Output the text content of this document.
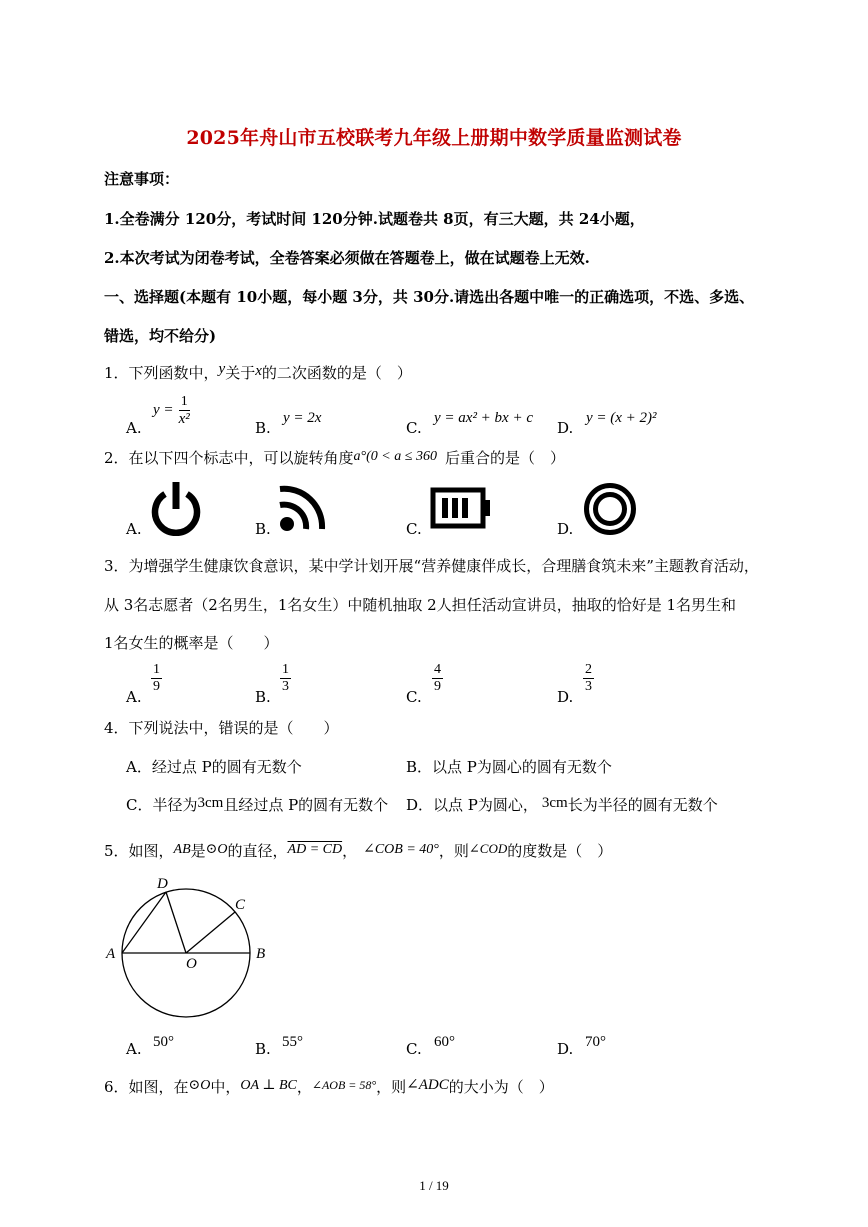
2025年舟山市五校联考九年级上册期中数学质量监测试卷
注意事项：
1.全卷满分 120分，考试时间 120分钟.试题卷共 8页，有三大题，共 24小题，
2.本次考试为闭卷考试，全卷答案必须做在答题卷上，做在试题卷上无效.
一、选择题(本题有 10小题，每小题 3分，共 30分.请选出各题中唯一的正确选项，不选、多选、
错选，均不给分)
1．下列函数中，y关于x的二次函数的是（　）
A.
$y = \frac{1}{\text{x²}}$
B.
y = 2x
C.
y = ax² + bx + c
D.
y = (x + 2)²
2．在以下四个标志中，可以旋转角度a°(0 < a ≤ 360 后重合的是（　）
A.	B.	C.	D.
3．为增强学生健康饮食意识，某中学计划开展“营养健康伴成长，合理膳食筑未来”主题教育活动，
从 3名志愿者（2名男生，1名女生）中随机抽取 2人担任活动宣讲员，抽取的恰好是 1名男生和
1名女生的概率是（　　）
A.
$\frac{1}{9}$
B.
$\frac{1}{3}$
C.
$\frac{4}{9}$
D.
$\frac{2}{3}$
4．下列说法中，错误的是（　　）
A．经过点 P的圆有无数个	B．以点 P为圆心的圆有无数个
C．半径为3cm且经过点 P的圆有无数个 D．以点 P为圆心， 3cm长为半径的圆有无数个
5．如图，AB是⊙O的直径，AD = CD， ∠COB = 40°，则∠COD的度数是（　）
A	B
C
D
O
A. 50°	B. 55°	C. 60°	D. 70°
6．如图，在⊙O中，OA ⊥ BC，$^{\angle AOB = 58^\circ}$，则∠ADC的大小为（　）
1 / 19
